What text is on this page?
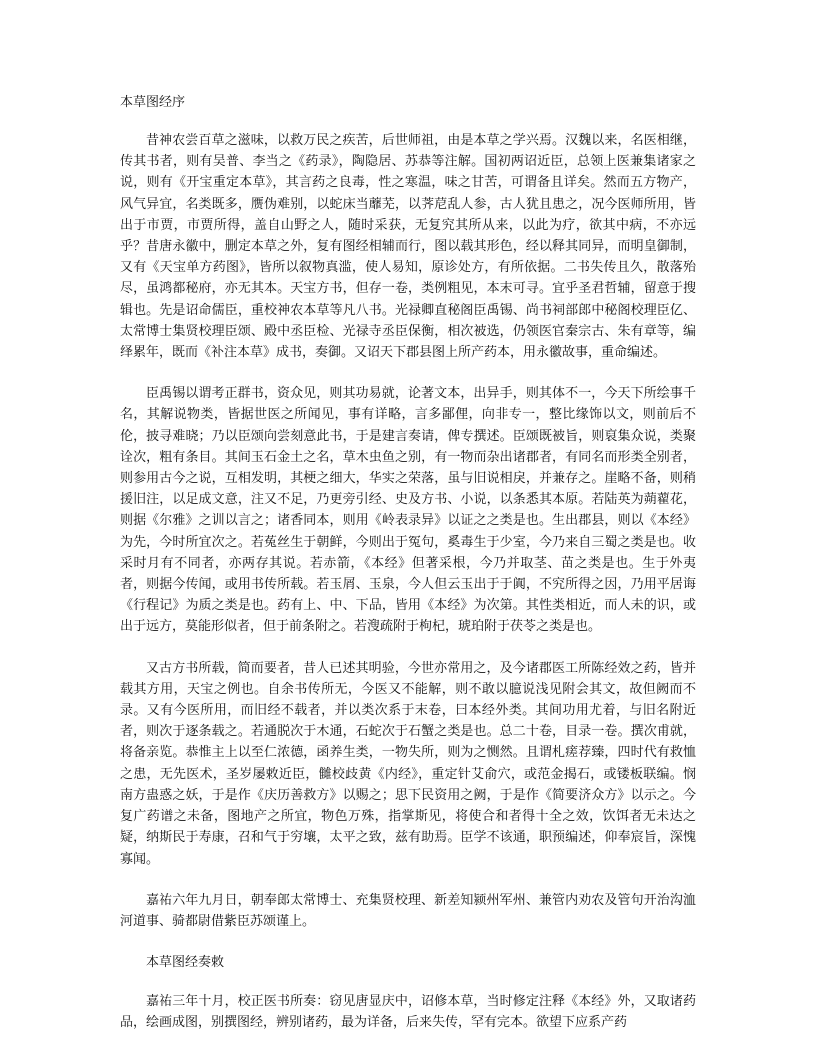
本草图经序

昔神农尝百草之滋味，以救万民之疾苦，后世师祖，由是本草之学兴焉。汉魏以来，名医相继，传其书者，则有吴普、李当之《药录》，陶隐居、苏恭等注解。国初两诏近臣，总领上医兼集诸家之说，则有《开宝重定本草》，其言药之良毒，性之寒温，味之甘苦，可谓备且详矣。然而五方物产，风气异宜，名类既多，赝伪难别，以蛇床当蘼芜，以荠苨乱人参，古人犹且患之，况今医师所用，皆出于市贾，市贾所得，盖自山野之人，随时采获，无复究其所从来，以此为疗，欲其中病，不亦远乎？昔唐永徽中，删定本草之外，复有图经相辅而行，图以载其形色，经以释其同异，而明皇御制，又有《天宝单方药图》，皆所以叙物真滥，使人易知，原诊处方，有所依据。二书失传且久，散落殆尽，虽鸿都秘府，亦无其本。天宝方书，但存一卷，类例粗见，本末可寻。宜乎圣君哲辅，留意于搜辑也。先是诏命儒臣，重校神农本草等凡八书。光禄卿直秘阁臣禹锡、尚书祠部郎中秘阁校理臣亿、太常博士集贤校理臣颂、殿中丞臣检、光禄寺丞臣保衡，相次被选，仍领医官秦宗古、朱有章等，编绎累年，既而《补注本草》成书，奏御。又诏天下郡县图上所产药本，用永徽故事，重命编述。

臣禹锡以谓考正群书，资众见，则其功易就，论著文本，出异手，则其体不一，今天下所绘事千名，其解说物类，皆据世医之所闻见，事有详略，言多鄙俚，向非专一，整比缘饰以文，则前后不伦，披寻难晓；乃以臣颂向尝刻意此书，于是建言奏请，俾专撰述。臣颂既被旨，则裒集众说，类聚诠次，粗有条目。其间玉石金土之名，草木虫鱼之别，有一物而杂出诸郡者，有同名而形类全别者，则参用古今之说，互相发明，其梗之细大，华实之荣落，虽与旧说相戾，并兼存之。崖略不备，则稍援旧注，以足成文意，注又不足，乃更旁引经、史及方书、小说，以条悉其本原。若陆英为蒴藋花，则据《尔雅》之训以言之；诸香同本，则用《岭表录异》以证之之类是也。生出郡县，则以《本经》为先，今时所宜次之。若菟丝生于朝鲜，今则出于冤句，奚毒生于少室，今乃来自三蜀之类是也。收采时月有不同者，亦两存其说。若赤箭，《本经》但著采根，今乃并取茎、苗之类是也。生于外夷者，则据今传闻，或用书传所载。若玉屑、玉泉，今人但云玉出于于阗，不究所得之因，乃用平居诲《行程记》为质之类是也。药有上、中、下品，皆用《本经》为次第。其性类相近，而人未的识，或出于远方，莫能形似者，但于前条附之。若溲疏附于枸杞，琥珀附于茯苓之类是也。

又古方书所载，简而要者，昔人已述其明验，今世亦常用之，及今诸郡医工所陈经效之药，皆并载其方用，天宝之例也。自余书传所无，今医又不能解，则不敢以臆说浅见附会其文，故但阙而不录。又有今医所用，而旧经不载者，并以类次系于末卷，曰本经外类。其间功用尤着，与旧名附近者，则次于逐条载之。若通脱次于木通，石蛇次于石蟹之类是也。总二十卷，目录一卷。撰次甫就，将备亲览。恭惟主上以至仁浓德，函养生类，一物失所，则为之恻然。且谓札瘥荐臻，四时代有救恤之患，无先医术，圣岁屡敕近臣，雠校歧黄《内经》，重定针艾俞穴，或范金揭石，或镂板联编。悯南方蛊惑之妖，于是作《庆历善救方》以赐之；思下民资用之阙，于是作《简要济众方》以示之。今复广药谱之未备，图地产之所宜，物色万殊，指掌斯见，将使合和者得十全之效，饮饵者无未达之疑，纳斯民于寿康，召和气于穷壤，太平之致，兹有助焉。臣学不该通，职预编述，仰奉宸旨，深愧寡闻。

嘉祐六年九月日，朝奉郎太常博士、充集贤校理、新差知颍州军州、兼管内劝农及管句开治沟洫河道事、骑都尉借紫臣苏颂谨上。

本草图经奏敕

嘉祐三年十月，校正医书所奏：窃见唐显庆中，诏修本草，当时修定注释《本经》外，又取诸药品，绘画成图，别撰图经，辨别诸药，最为详备，后来失传，罕有完本。欲望下应系产药
